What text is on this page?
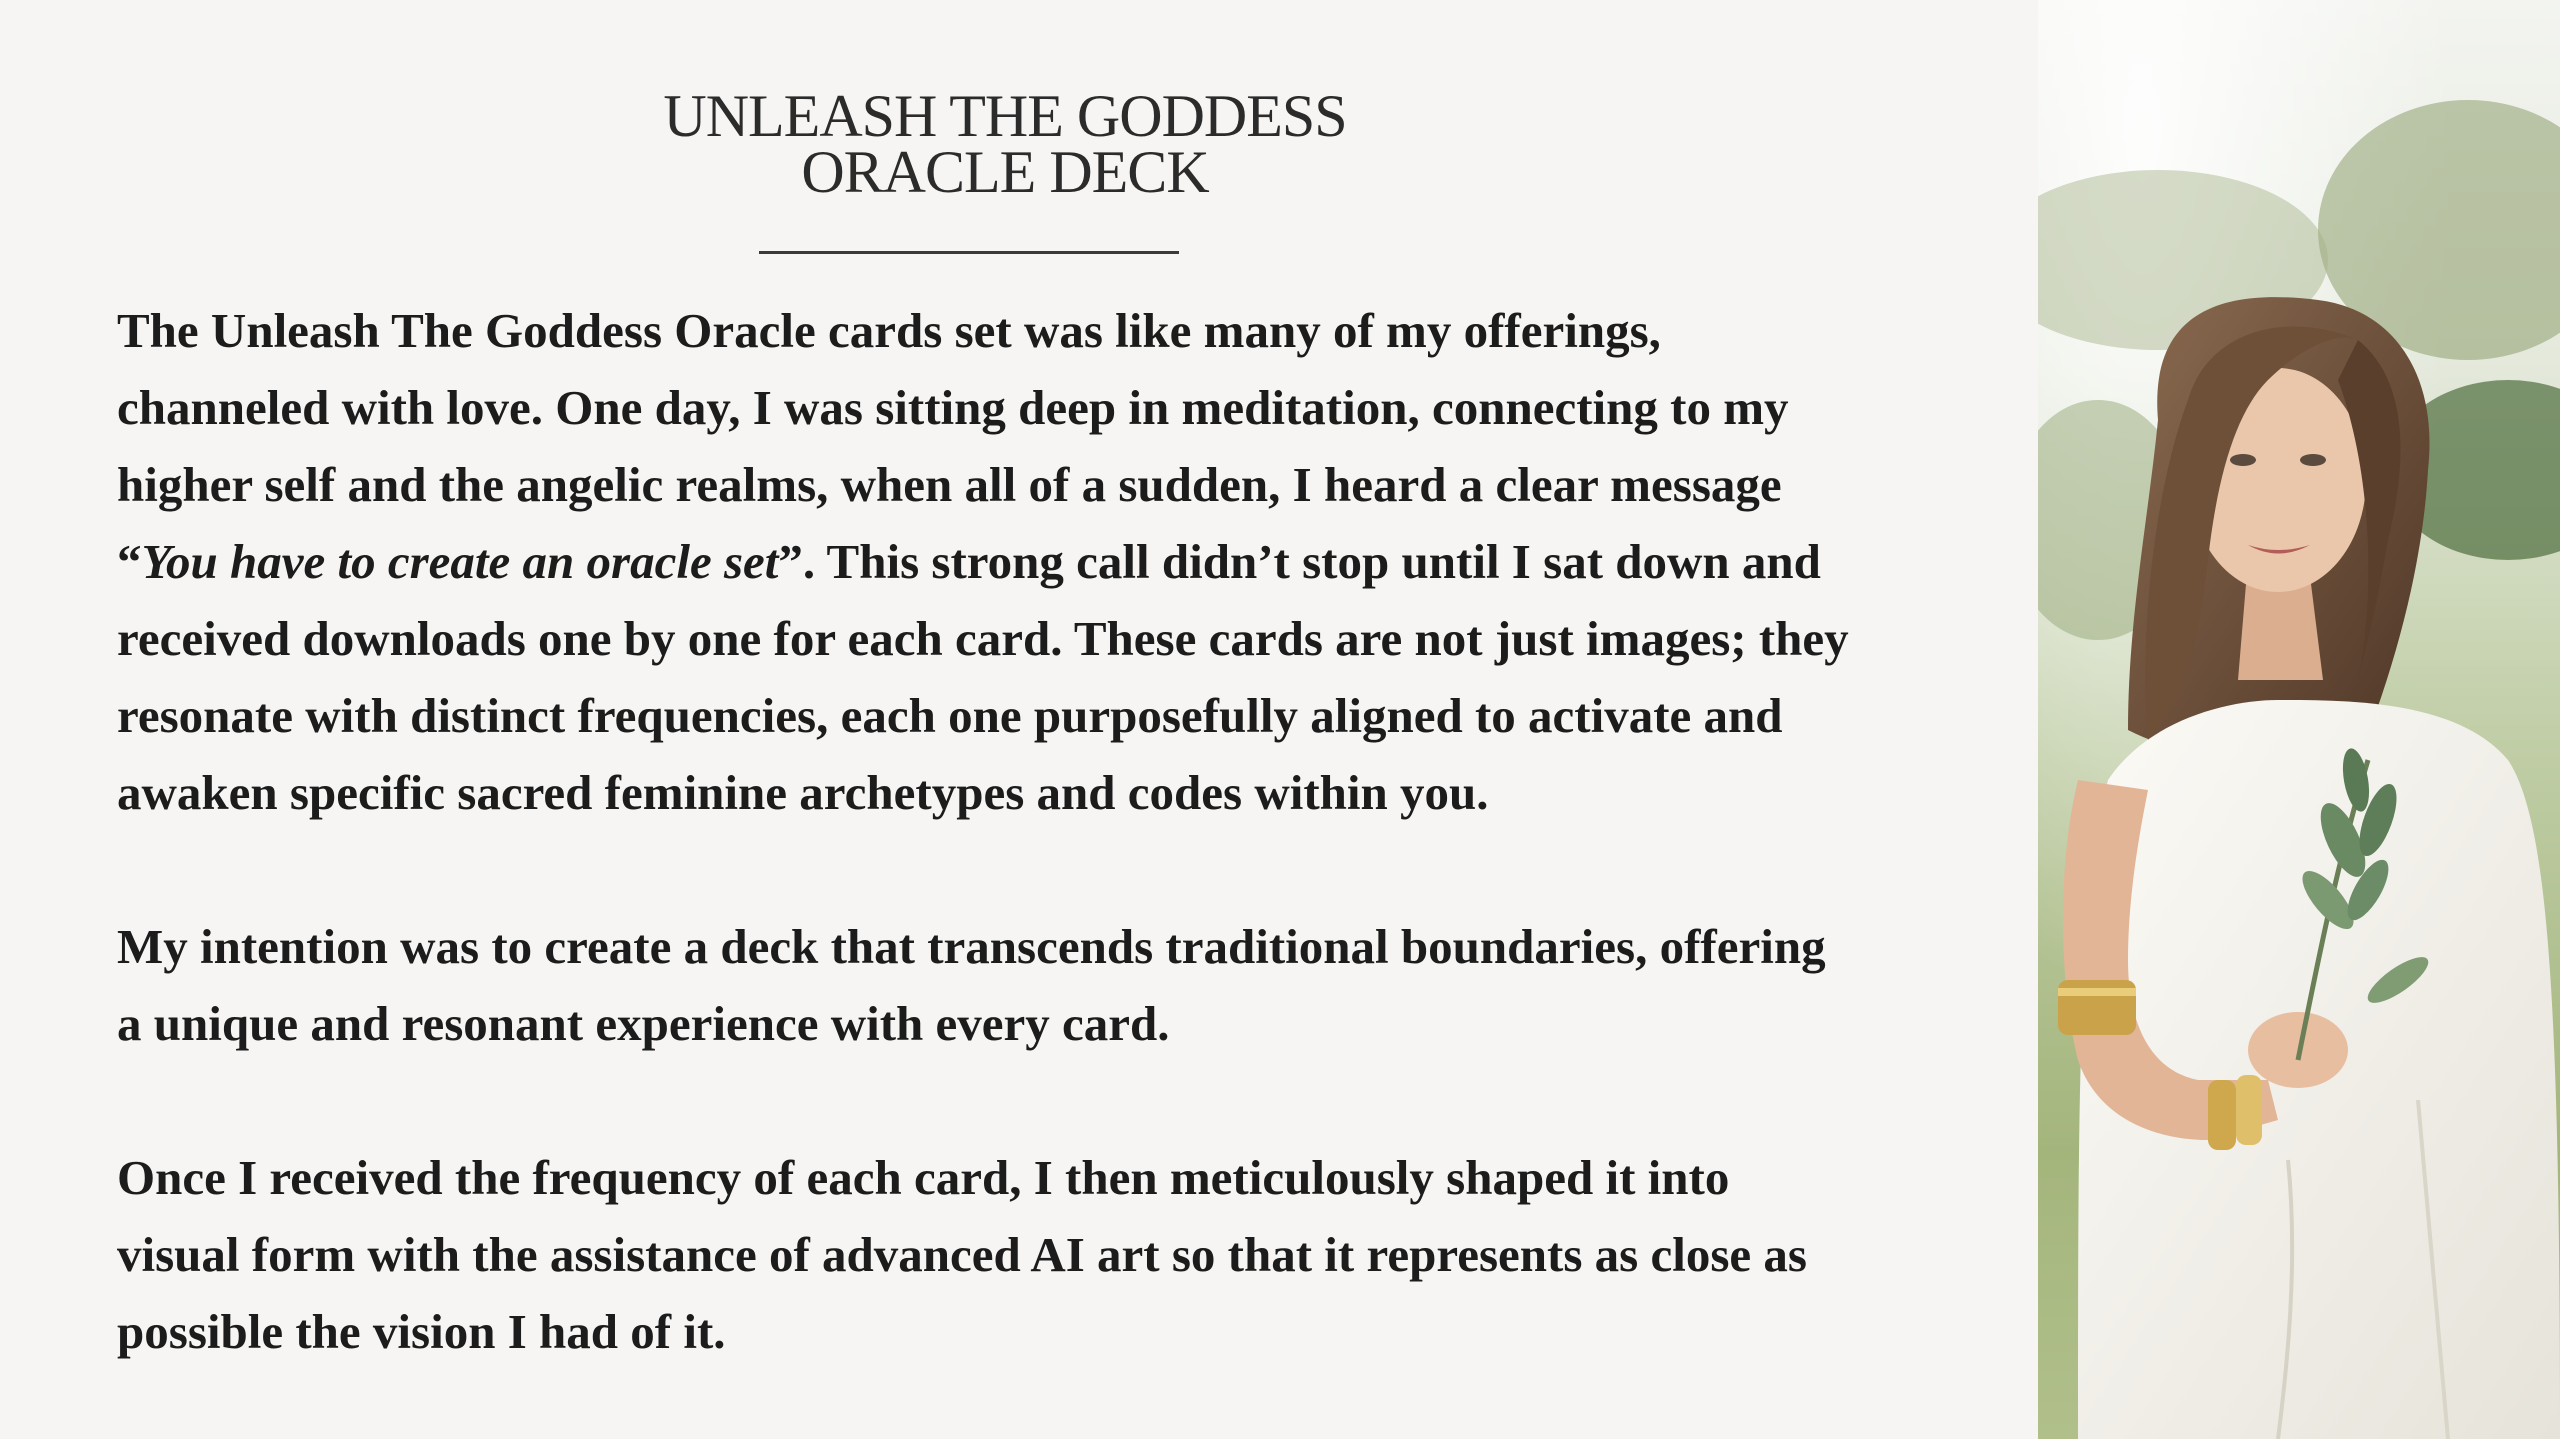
UNLEASH THE GODDESS
ORACLE DECK

The Unleash The Goddess Oracle cards set was like many of my offerings,
channeled with love. One day, I was sitting deep in meditation, connecting to my
higher self and the angelic realms, when all of a sudden, I heard a clear message
“You have to create an oracle set”. This strong call didn’t stop until I sat down and
received downloads one by one for each card. These cards are not just images; they
resonate with distinct frequencies, each one purposefully aligned to activate and
awaken specific sacred feminine archetypes and codes within you.

My intention was to create a deck that transcends traditional boundaries, offering
a unique and resonant experience with every card.

Once I received the frequency of each card, I then meticulously shaped it into
visual form with the assistance of advanced AI art so that it represents as close as
possible the vision I had of it.
